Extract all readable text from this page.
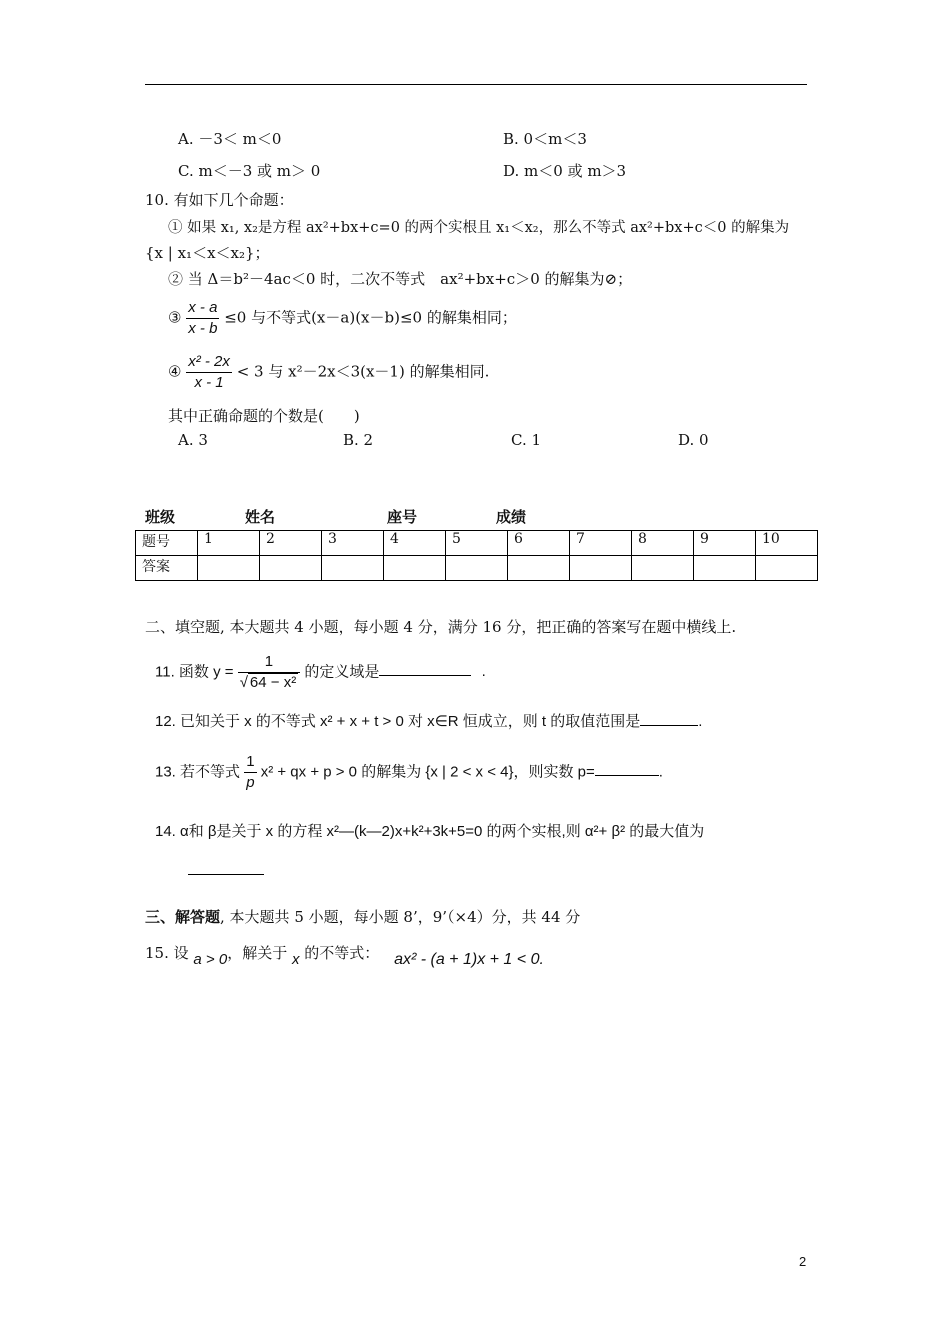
A. －3＜ m＜0	B. 0＜m＜3
C. m＜－3 或 m＞ 0	D. m＜0 或 m＞3
10. 有如下几个命题：
① 如果 x₁, x₂是方程 ax²+bx+c=0 的两个实根且 x₁＜x₂，那么不等式 ax²+bx+c＜0 的解集为
{x | x₁＜x＜x₂}；
② 当 Δ＝b²－4ac＜0 时，二次不等式　ax²+bx+c＞0 的解集为⊘；
③ $\frac{x - a}{x - b} \le 0$ 与不等式(x－a)(x－b)≤0 的解集相同；
④ $\frac{\text{x² - 2x}}{x - 1} < 3$ 与 x²－2x＜3(x－1) 的解集相同.
其中正确命题的个数是(　　)
A. 3	B. 2	C. 1	D. 0
班级	姓名	座号	成绩
题号	1	2	3	4	5	6	7	8	9	10
答案										
二、填空题, 本大题共 4 小题，每小题 4 分，满分 16 分，把正确的答案写在题中横线上.
11. 函数 $y = \frac{1}{\text{√ 64 − x²}}$ 的定义域是	.
12. 已知关于 x 的不等式 x² + x + t > 0 对 x∈R 恒成立，则 t 的取值范围是	.
13. 若不等式 $\frac{1}{p} x^2$ + qx + p > 0 的解集为 {x | 2 < x < 4}，则实数 p=	.
14. α和 β是关于 x 的方程 x²—(k—2)x+k²+3k+5=0 的两个实根,则 α²+ β² 的最大值为
三、解答题, 本大题共 5 小题，每小题 8’，9’（×4）分，共 44 分
15. 设 a > 0，解关于 x 的不等式： ax² - (a + 1)x + 1 < 0.
2
